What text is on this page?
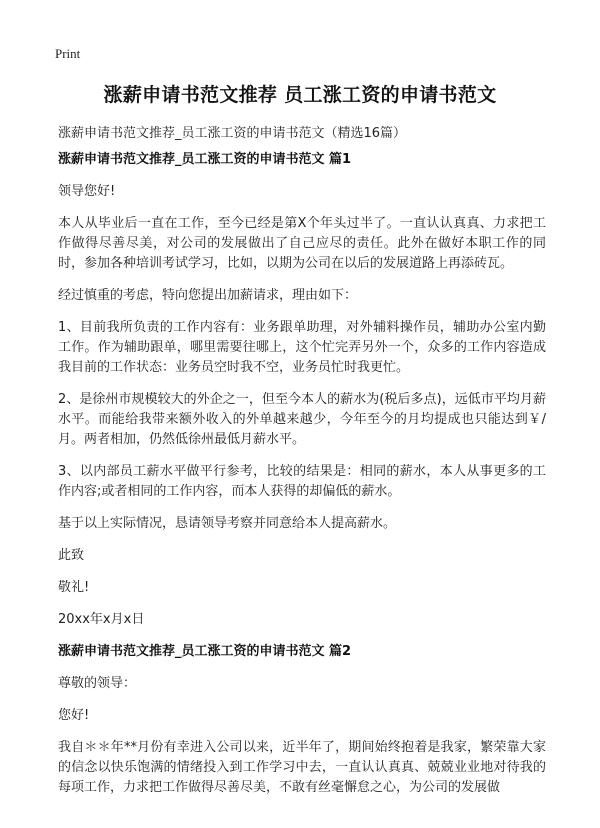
Print
涨薪申请书范文推荐 员工涨工资的申请书范文
涨薪申请书范文推荐_员工涨工资的申请书范文（精选16篇）
涨薪申请书范文推荐_员工涨工资的申请书范文 篇1

领导您好!

本人从毕业后一直在工作，至今已经是第X个年头过半了。一直认认真真、力求把工作做得尽善尽美，对公司的发展做出了自己应尽的责任。此外在做好本职工作的同时，参加各种培训考试学习，比如，以期为公司在以后的发展道路上再添砖瓦。

经过慎重的考虑，特向您提出加薪请求，理由如下：

1、目前我所负责的工作内容有：业务跟单助理，对外辅料操作员，辅助办公室内勤工作。作为辅助跟单，哪里需要往哪上，这个忙完弄另外一个，众多的工作内容造成我目前的工作状态：业务员空时我不空，业务员忙时我更忙。

2、是徐州市规模较大的外企之一，但至今本人的薪水为(税后多点)，远低市平均月薪水平。而能给我带来额外收入的外单越来越少，今年至今的月均提成也只能达到￥/月。两者相加，仍然低徐州最低月薪水平。

3、以内部员工薪水平做平行参考，比较的结果是：相同的薪水，本人从事更多的工作内容;或者相同的工作内容，而本人获得的却偏低的薪水。

基于以上实际情况，恳请领导考察并同意给本人提高薪水。

此致

敬礼!

20xx年x月x日

涨薪申请书范文推荐_员工涨工资的申请书范文 篇2

尊敬的领导：

您好!

我自＊＊年**月份有幸进入公司以来，近半年了，期间始终抱着是我家，繁荣靠大家的信念以快乐饱满的情绪投入到工作学习中去，一直认认真真、兢兢业业地对待我的每项工作，力求把工作做得尽善尽美，不敢有丝毫懈怠之心，为公司的发展做
